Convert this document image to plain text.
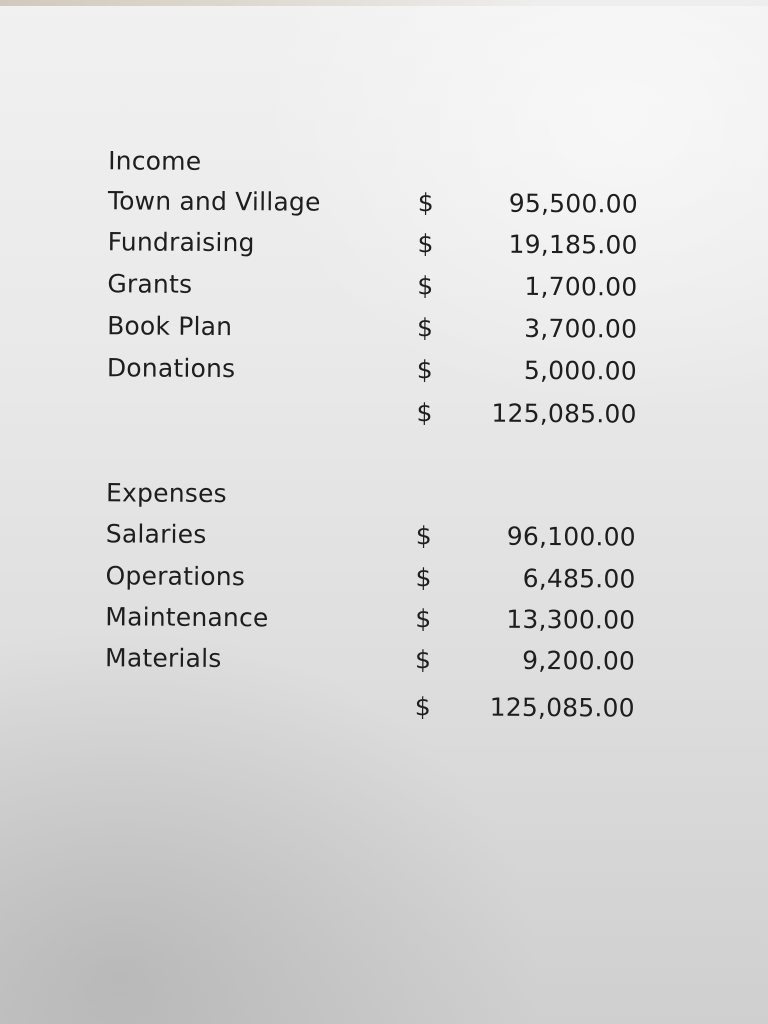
Income
Town and Village	$	95,500.00
Fundraising	$	19,185.00
Grants	$	1,700.00
Book Plan	$	3,700.00
Donations	$	5,000.00
$ 125,085.00
Expenses
Salaries	$	96,100.00
Operations	$	6,485.00
Maintenance	$	13,300.00
Materials	$	9,200.00
$ 125,085.00
